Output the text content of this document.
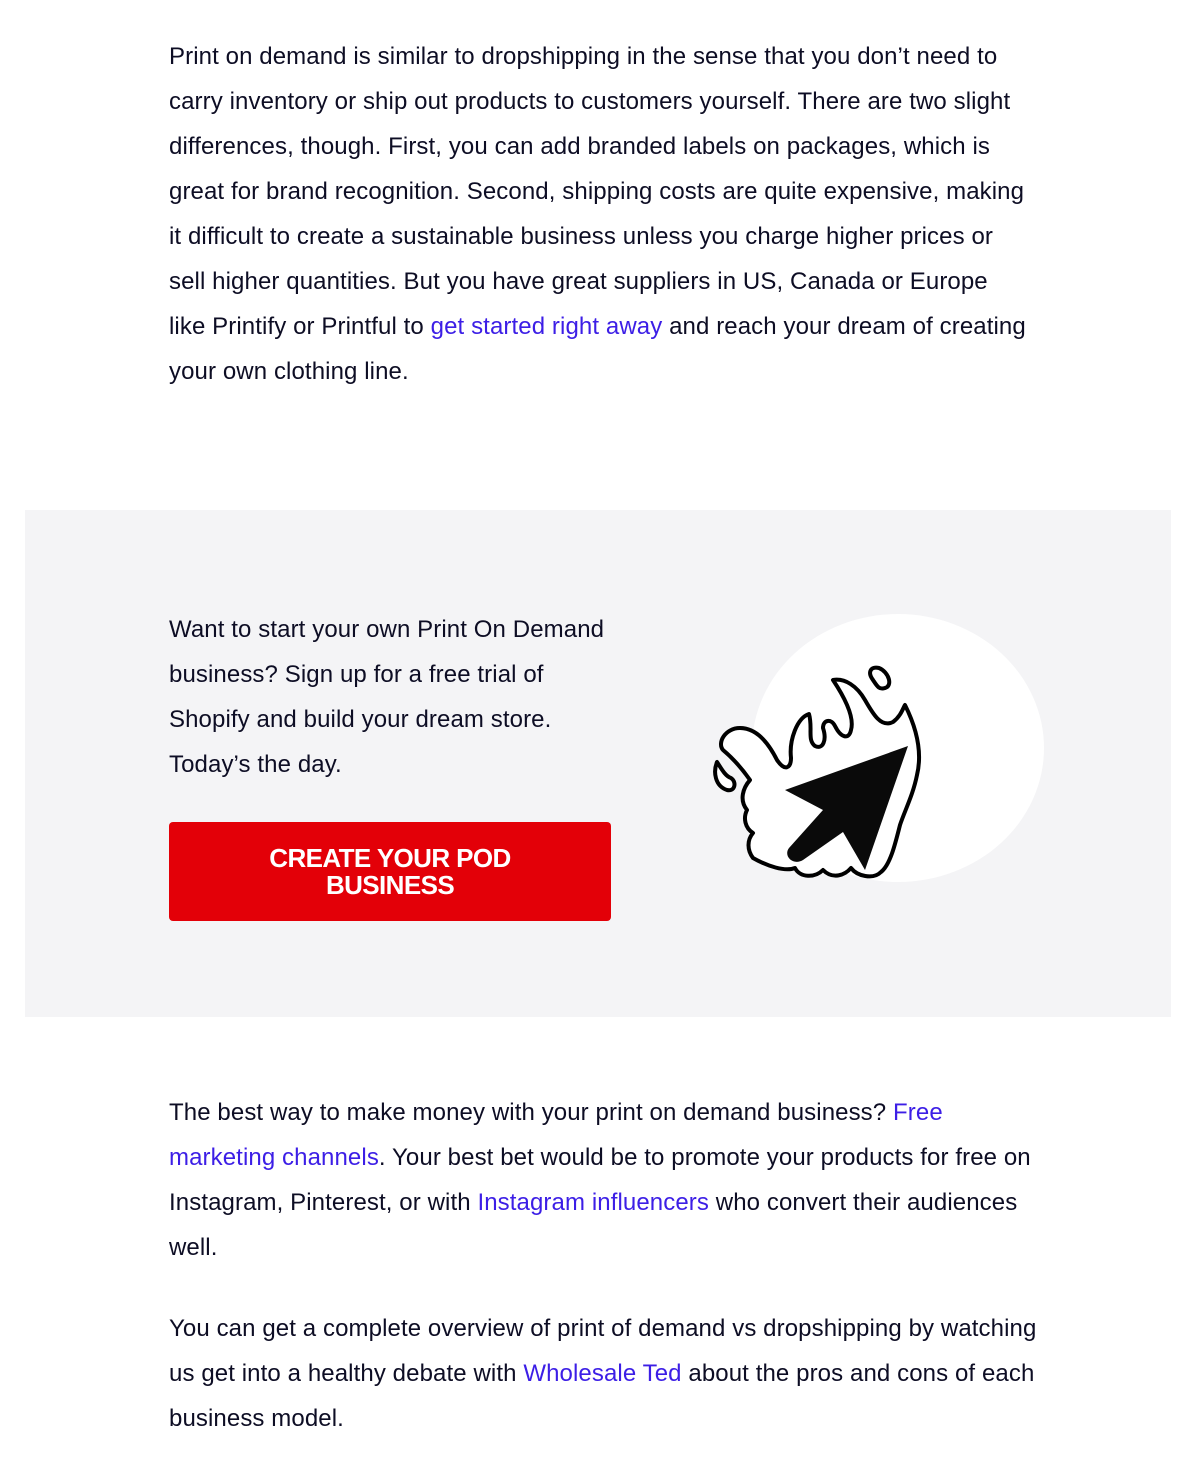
Print on demand is similar to dropshipping in the sense that you don’t need to carry inventory or ship out products to customers yourself. There are two slight differences, though. First, you can add branded labels on packages, which is great for brand recognition. Second, shipping costs are quite expensive, making it difficult to create a sustainable business unless you charge higher prices or sell higher quantities. But you have great suppliers in US, Canada or Europe like Printify or Printful to get started right away and reach your dream of creating your own clothing line.

Want to start your own Print On Demand business? Sign up for a free trial of Shopify and build your dream store. Today’s the day.

CREATE YOUR POD BUSINESS

The best way to make money with your print on demand business? Free marketing channels. Your best bet would be to promote your products for free on Instagram, Pinterest, or with Instagram influencers who convert their audiences well.

You can get a complete overview of print of demand vs dropshipping by watching us get into a healthy debate with Wholesale Ted about the pros and cons of each business model.
